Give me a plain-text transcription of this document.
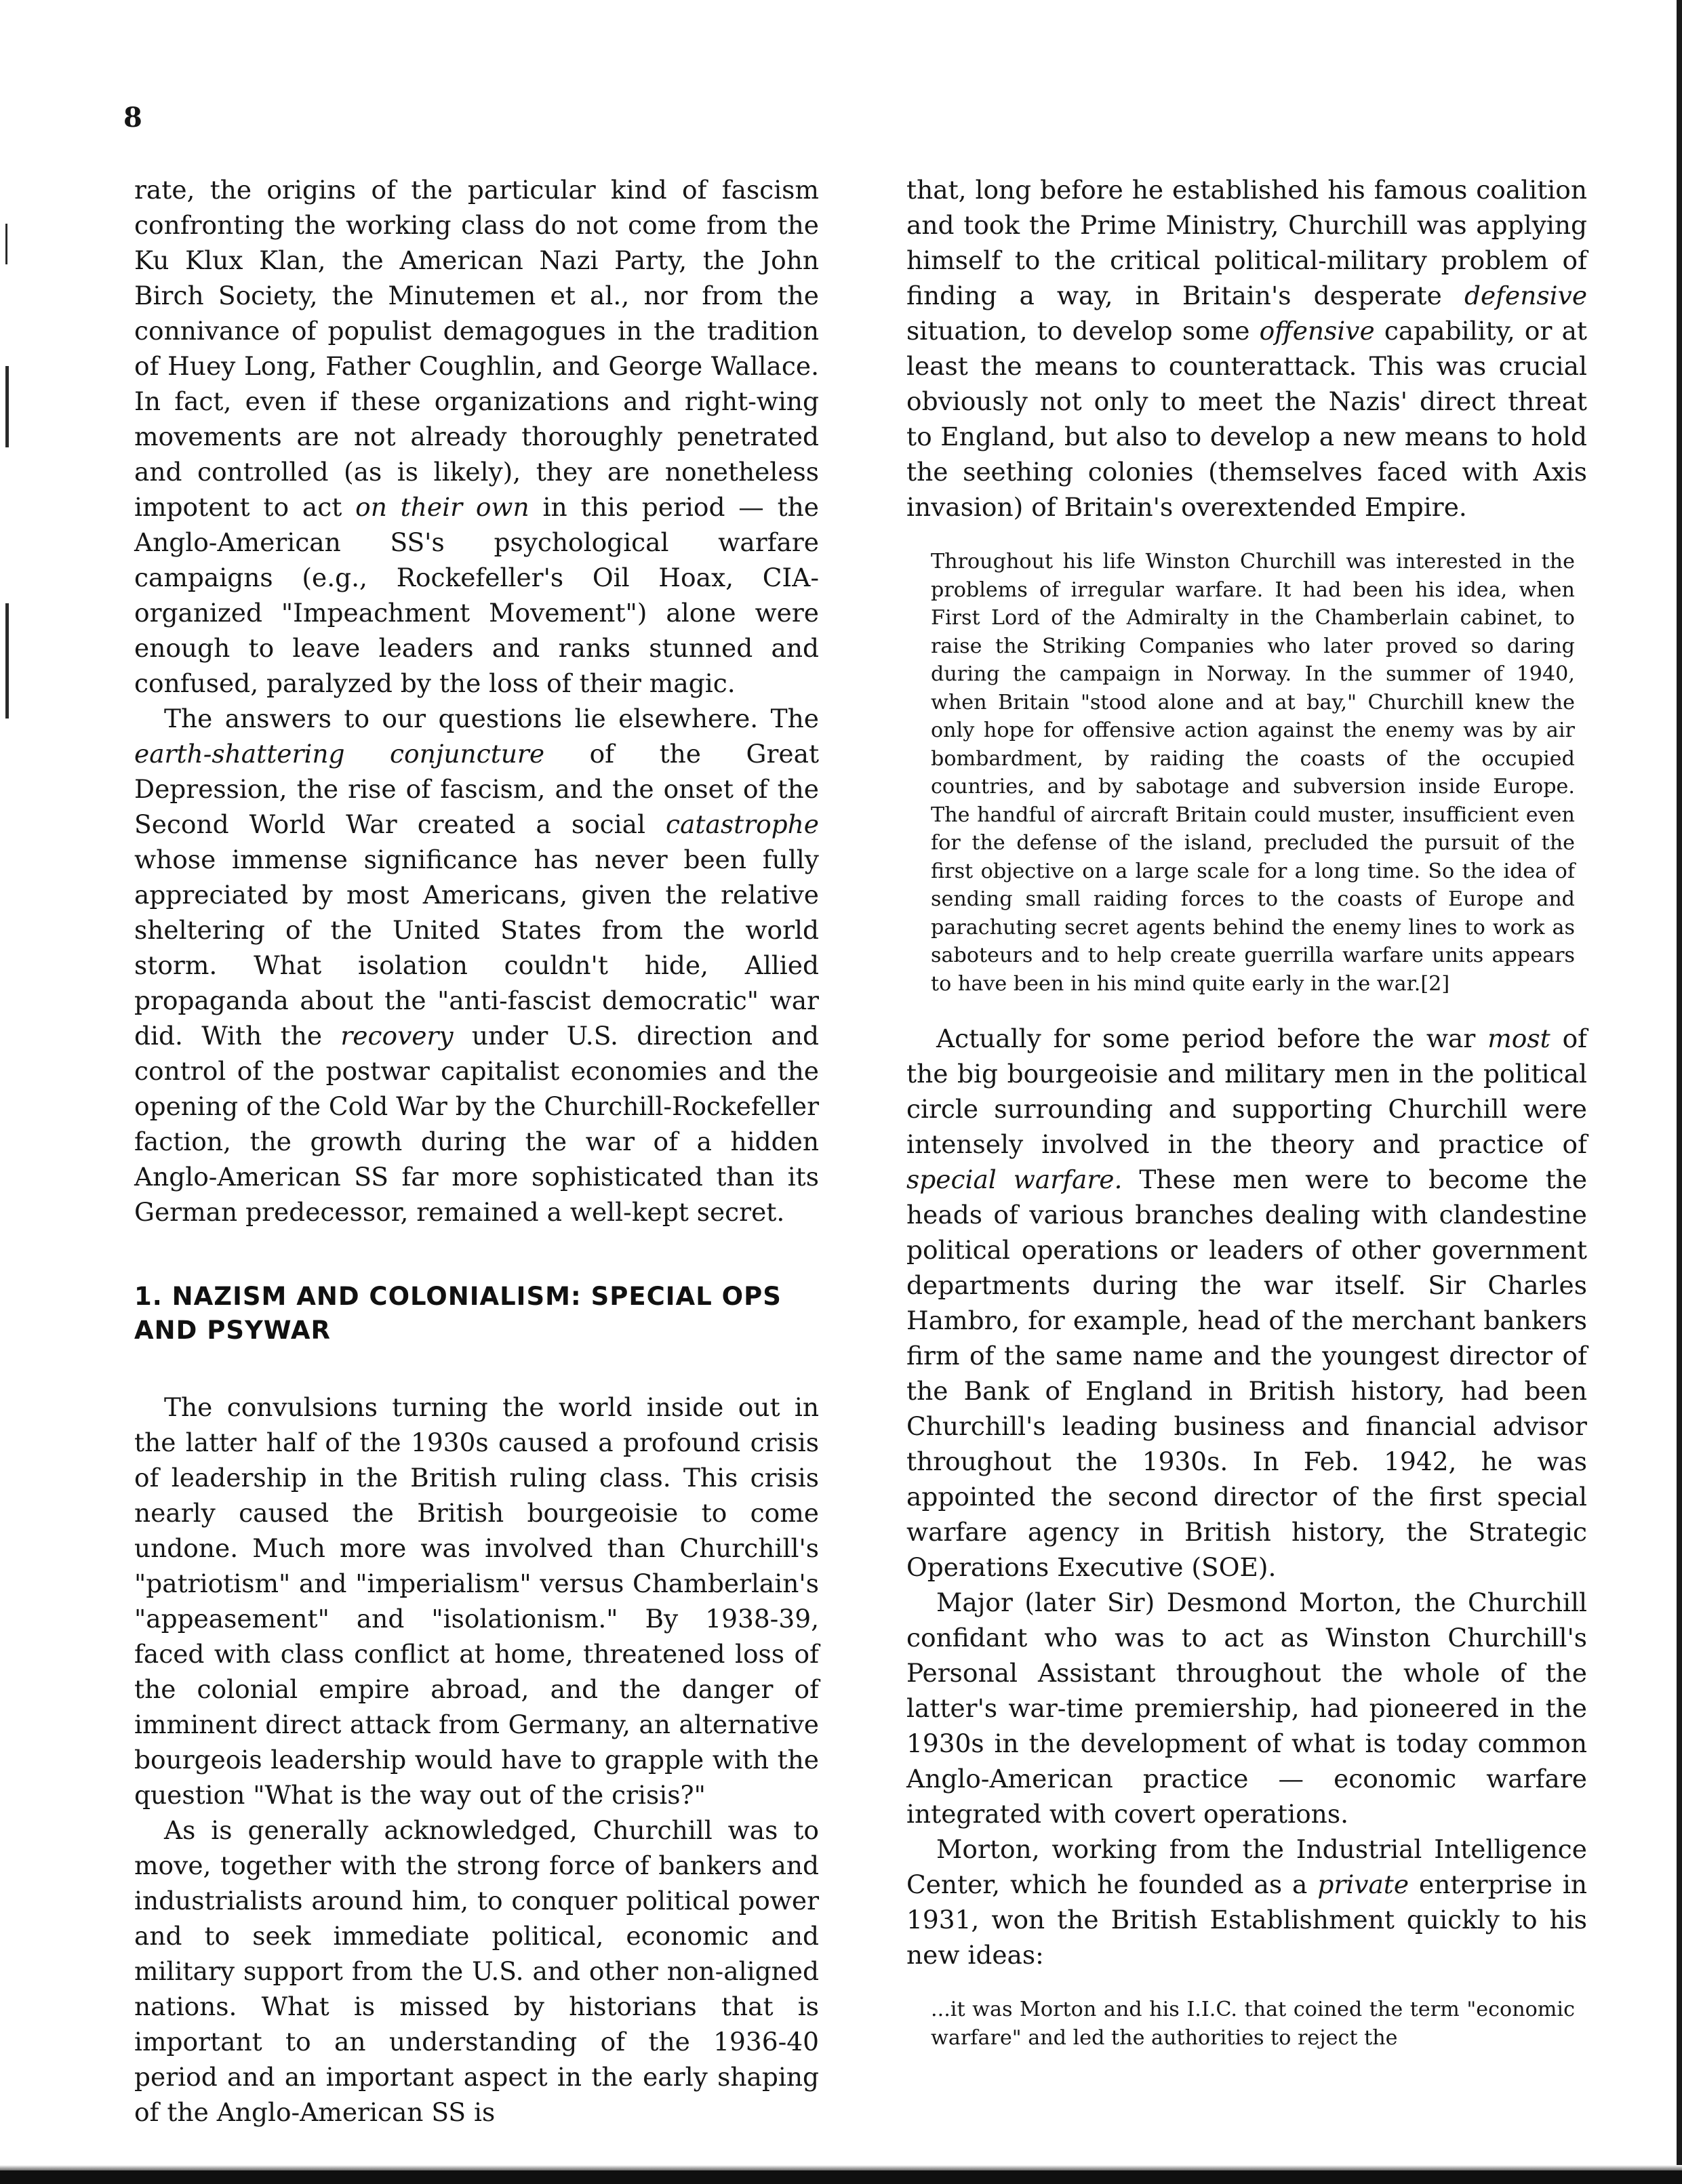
8

rate, the origins of the particular kind of fascism confronting the working class do not come from the Ku Klux Klan, the American Nazi Party, the John Birch Society, the Minutemen et al., nor from the connivance of populist demagogues in the tradition of Huey Long, Father Coughlin, and George Wallace. In fact, even if these organizations and right-wing movements are not already thoroughly penetrated and controlled (as is likely), they are nonetheless impotent to act on their own in this period — the Anglo-American SS's psychological warfare campaigns (e.g., Rockefeller's Oil Hoax, CIA-organized "Impeachment Movement") alone were enough to leave leaders and ranks stunned and confused, paralyzed by the loss of their magic.

The answers to our questions lie elsewhere. The earth-shattering conjuncture of the Great Depression, the rise of fascism, and the onset of the Second World War created a social catastrophe whose immense significance has never been fully appreciated by most Americans, given the relative sheltering of the United States from the world storm. What isolation couldn't hide, Allied propaganda about the "anti-fascist democratic" war did. With the recovery under U.S. direction and control of the postwar capitalist economies and the opening of the Cold War by the Churchill-Rockefeller faction, the growth during the war of a hidden Anglo-American SS far more sophisticated than its German predecessor, remained a well-kept secret.

1. NAZISM AND COLONIALISM: SPECIAL OPS AND PSYWAR

The convulsions turning the world inside out in the latter half of the 1930s caused a profound crisis of leadership in the British ruling class. This crisis nearly caused the British bourgeoisie to come undone. Much more was involved than Churchill's "patriotism" and "imperialism" versus Chamberlain's "appeasement" and "isolationism." By 1938-39, faced with class conflict at home, threatened loss of the colonial empire abroad, and the danger of imminent direct attack from Germany, an alternative bourgeois leadership would have to grapple with the question "What is the way out of the crisis?"

As is generally acknowledged, Churchill was to move, together with the strong force of bankers and industrialists around him, to conquer political power and to seek immediate political, economic and military support from the U.S. and other non-aligned nations. What is missed by historians that is important to an understanding of the 1936-40 period and an important aspect in the early shaping of the Anglo-American SS is

that, long before he established his famous coalition and took the Prime Ministry, Churchill was applying himself to the critical political-military problem of finding a way, in Britain's desperate defensive situation, to develop some offensive capability, or at least the means to counterattack. This was crucial obviously not only to meet the Nazis' direct threat to England, but also to develop a new means to hold the seething colonies (themselves faced with Axis invasion) of Britain's overextended Empire.

Throughout his life Winston Churchill was interested in the problems of irregular warfare. It had been his idea, when First Lord of the Admiralty in the Chamberlain cabinet, to raise the Striking Companies who later proved so daring during the campaign in Norway. In the summer of 1940, when Britain "stood alone and at bay," Churchill knew the only hope for offensive action against the enemy was by air bombardment, by raiding the coasts of the occupied countries, and by sabotage and subversion inside Europe. The handful of aircraft Britain could muster, insufficient even for the defense of the island, precluded the pursuit of the first objective on a large scale for a long time. So the idea of sending small raiding forces to the coasts of Europe and parachuting secret agents behind the enemy lines to work as saboteurs and to help create guerrilla warfare units appears to have been in his mind quite early in the war.[2]

Actually for some period before the war most of the big bourgeoisie and military men in the political circle surrounding and supporting Churchill were intensely involved in the theory and practice of special warfare. These men were to become the heads of various branches dealing with clandestine political operations or leaders of other government departments during the war itself. Sir Charles Hambro, for example, head of the merchant bankers firm of the same name and the youngest director of the Bank of England in British history, had been Churchill's leading business and financial advisor throughout the 1930s. In Feb. 1942, he was appointed the second director of the first special warfare agency in British history, the Strategic Operations Executive (SOE).

Major (later Sir) Desmond Morton, the Churchill confidant who was to act as Winston Churchill's Personal Assistant throughout the whole of the latter's war-time premiership, had pioneered in the 1930s in the development of what is today common Anglo-American practice — economic warfare integrated with covert operations.

Morton, working from the Industrial Intelligence Center, which he founded as a private enterprise in 1931, won the British Establishment quickly to his new ideas:

...it was Morton and his I.I.C. that coined the term "economic warfare" and led the authorities to reject the
